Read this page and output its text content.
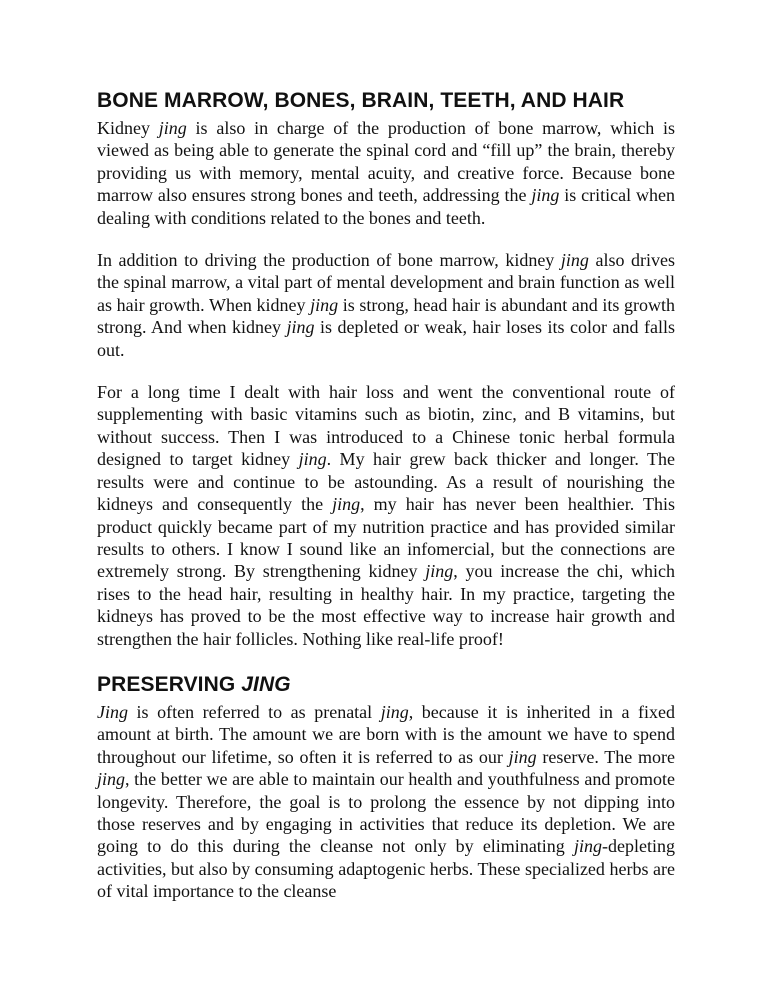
BONE MARROW, BONES, BRAIN, TEETH, AND HAIR

Kidney jing is also in charge of the production of bone marrow, which is viewed as being able to generate the spinal cord and “fill up” the brain, thereby providing us with memory, mental acuity, and creative force. Because bone marrow also ensures strong bones and teeth, addressing the jing is critical when dealing with conditions related to the bones and teeth.

In addition to driving the production of bone marrow, kidney jing also drives the spinal marrow, a vital part of mental development and brain function as well as hair growth. When kidney jing is strong, head hair is abundant and its growth strong. And when kidney jing is depleted or weak, hair loses its color and falls out.

For a long time I dealt with hair loss and went the conventional route of supplementing with basic vitamins such as biotin, zinc, and B vitamins, but without success. Then I was introduced to a Chinese tonic herbal formula designed to target kidney jing. My hair grew back thicker and longer. The results were and continue to be astounding. As a result of nourishing the kidneys and consequently the jing, my hair has never been healthier. This product quickly became part of my nutrition practice and has provided similar results to others. I know I sound like an infomercial, but the connections are extremely strong. By strengthening kidney jing, you increase the chi, which rises to the head hair, resulting in healthy hair. In my practice, targeting the kidneys has proved to be the most effective way to increase hair growth and strengthen the hair follicles. Nothing like real-life proof!

PRESERVING JING

Jing is often referred to as prenatal jing, because it is inherited in a fixed amount at birth. The amount we are born with is the amount we have to spend throughout our lifetime, so often it is referred to as our jing reserve. The more jing, the better we are able to maintain our health and youthfulness and promote longevity. Therefore, the goal is to prolong the essence by not dipping into those reserves and by engaging in activities that reduce its depletion. We are going to do this during the cleanse not only by eliminating jing-depleting activities, but also by consuming adaptogenic herbs. These specialized herbs are of vital importance to the cleanse
